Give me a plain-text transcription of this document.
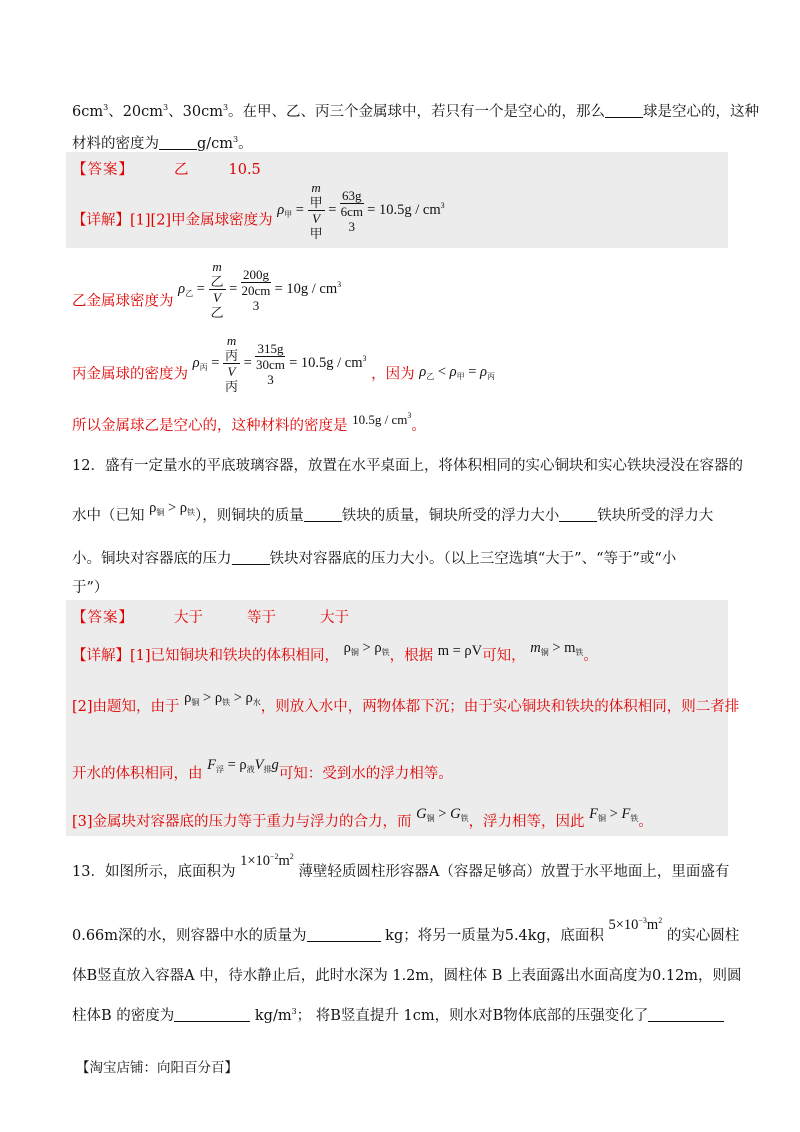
$6cm^3$、$20cm^3$、$30cm^3$。在甲、乙、丙三个金属球中，若只有一个是空心的，那么	球是空心的，这种
材料的密度为	$g/cm^3$。
【答案】	乙	10.5
【详解】[1][2]甲金属球密度为 $\rho_甲 = m$
甲
V
甲 = 63g
6cm
$3 = 10.5g / cm^3$
乙金属球密度为 $\rho_乙 = m$
乙
V
乙 = 200g
20cm
$3 = 10g / cm^3$
丙金属球的密度为 $\rho_丙 = m$
丙
V
丙 = 315g
30cm
$3 = 10.5g / cm^3$ ，因为 $\rho_乙 < \rho_甲 = \rho_丙$
所以金属球乙是空心的，这种材料的密度是 $10.5g / cm^3$。
12．盛有一定量水的平底玻璃容器，放置在水平桌面上，将体积相同的实心铜块和实心铁块浸没在容器的
水中（已知 $\rho_铜 > \rho_铁$），则铜块的质量	铁块的质量，铜块所受的浮力大小	铁块所受的浮力大
小。铜块对容器底的压力	铁块对容器底的压力大小。（以上三空选填“大于”、“等于”或“小
于”）
【答案】	大于	等于	大于
【详解】[1]已知铜块和铁块的体积相同， $\rho_铜 > \rho_铁$，根据 m = ρV可知， $m_铜 > m_铁$。
[2]由题知，由于 $\rho_铜 > \rho_铁 > \rho_水$，则放入水中，两物体都下沉；由于实心铜块和铁块的体积相同，则二者排
开水的体积相同，由 $F_浮 = \rho_液V_排g$可知：受到水的浮力相等。
[3]金属块对容器底的压力等于重力与浮力的合力，而 $G_铜 > G_铁$，浮力相等，因此 $F_铜 > F_铁$。
13．如图所示，底面积为 $1\times 10^{-2}m^2$ 薄壁轻质圆柱形容器A（容器足够高）放置于水平地面上，里面盛有
0.66m深的水，则容器中水的质量为	kg；将另一质量为5.4kg，底面积 $5\times 10^{-3}m^2$ 的实心圆柱
体B竖直放入容器A 中，待水静止后，此时水深为 1.2m，圆柱体 B 上表面露出水面高度为0.12m，则圆
柱体B 的密度为	$kg/m^3$； 将B竖直提升 1cm，则水对B物体底部的压强变化了
【淘宝店铺：向阳百分百】
